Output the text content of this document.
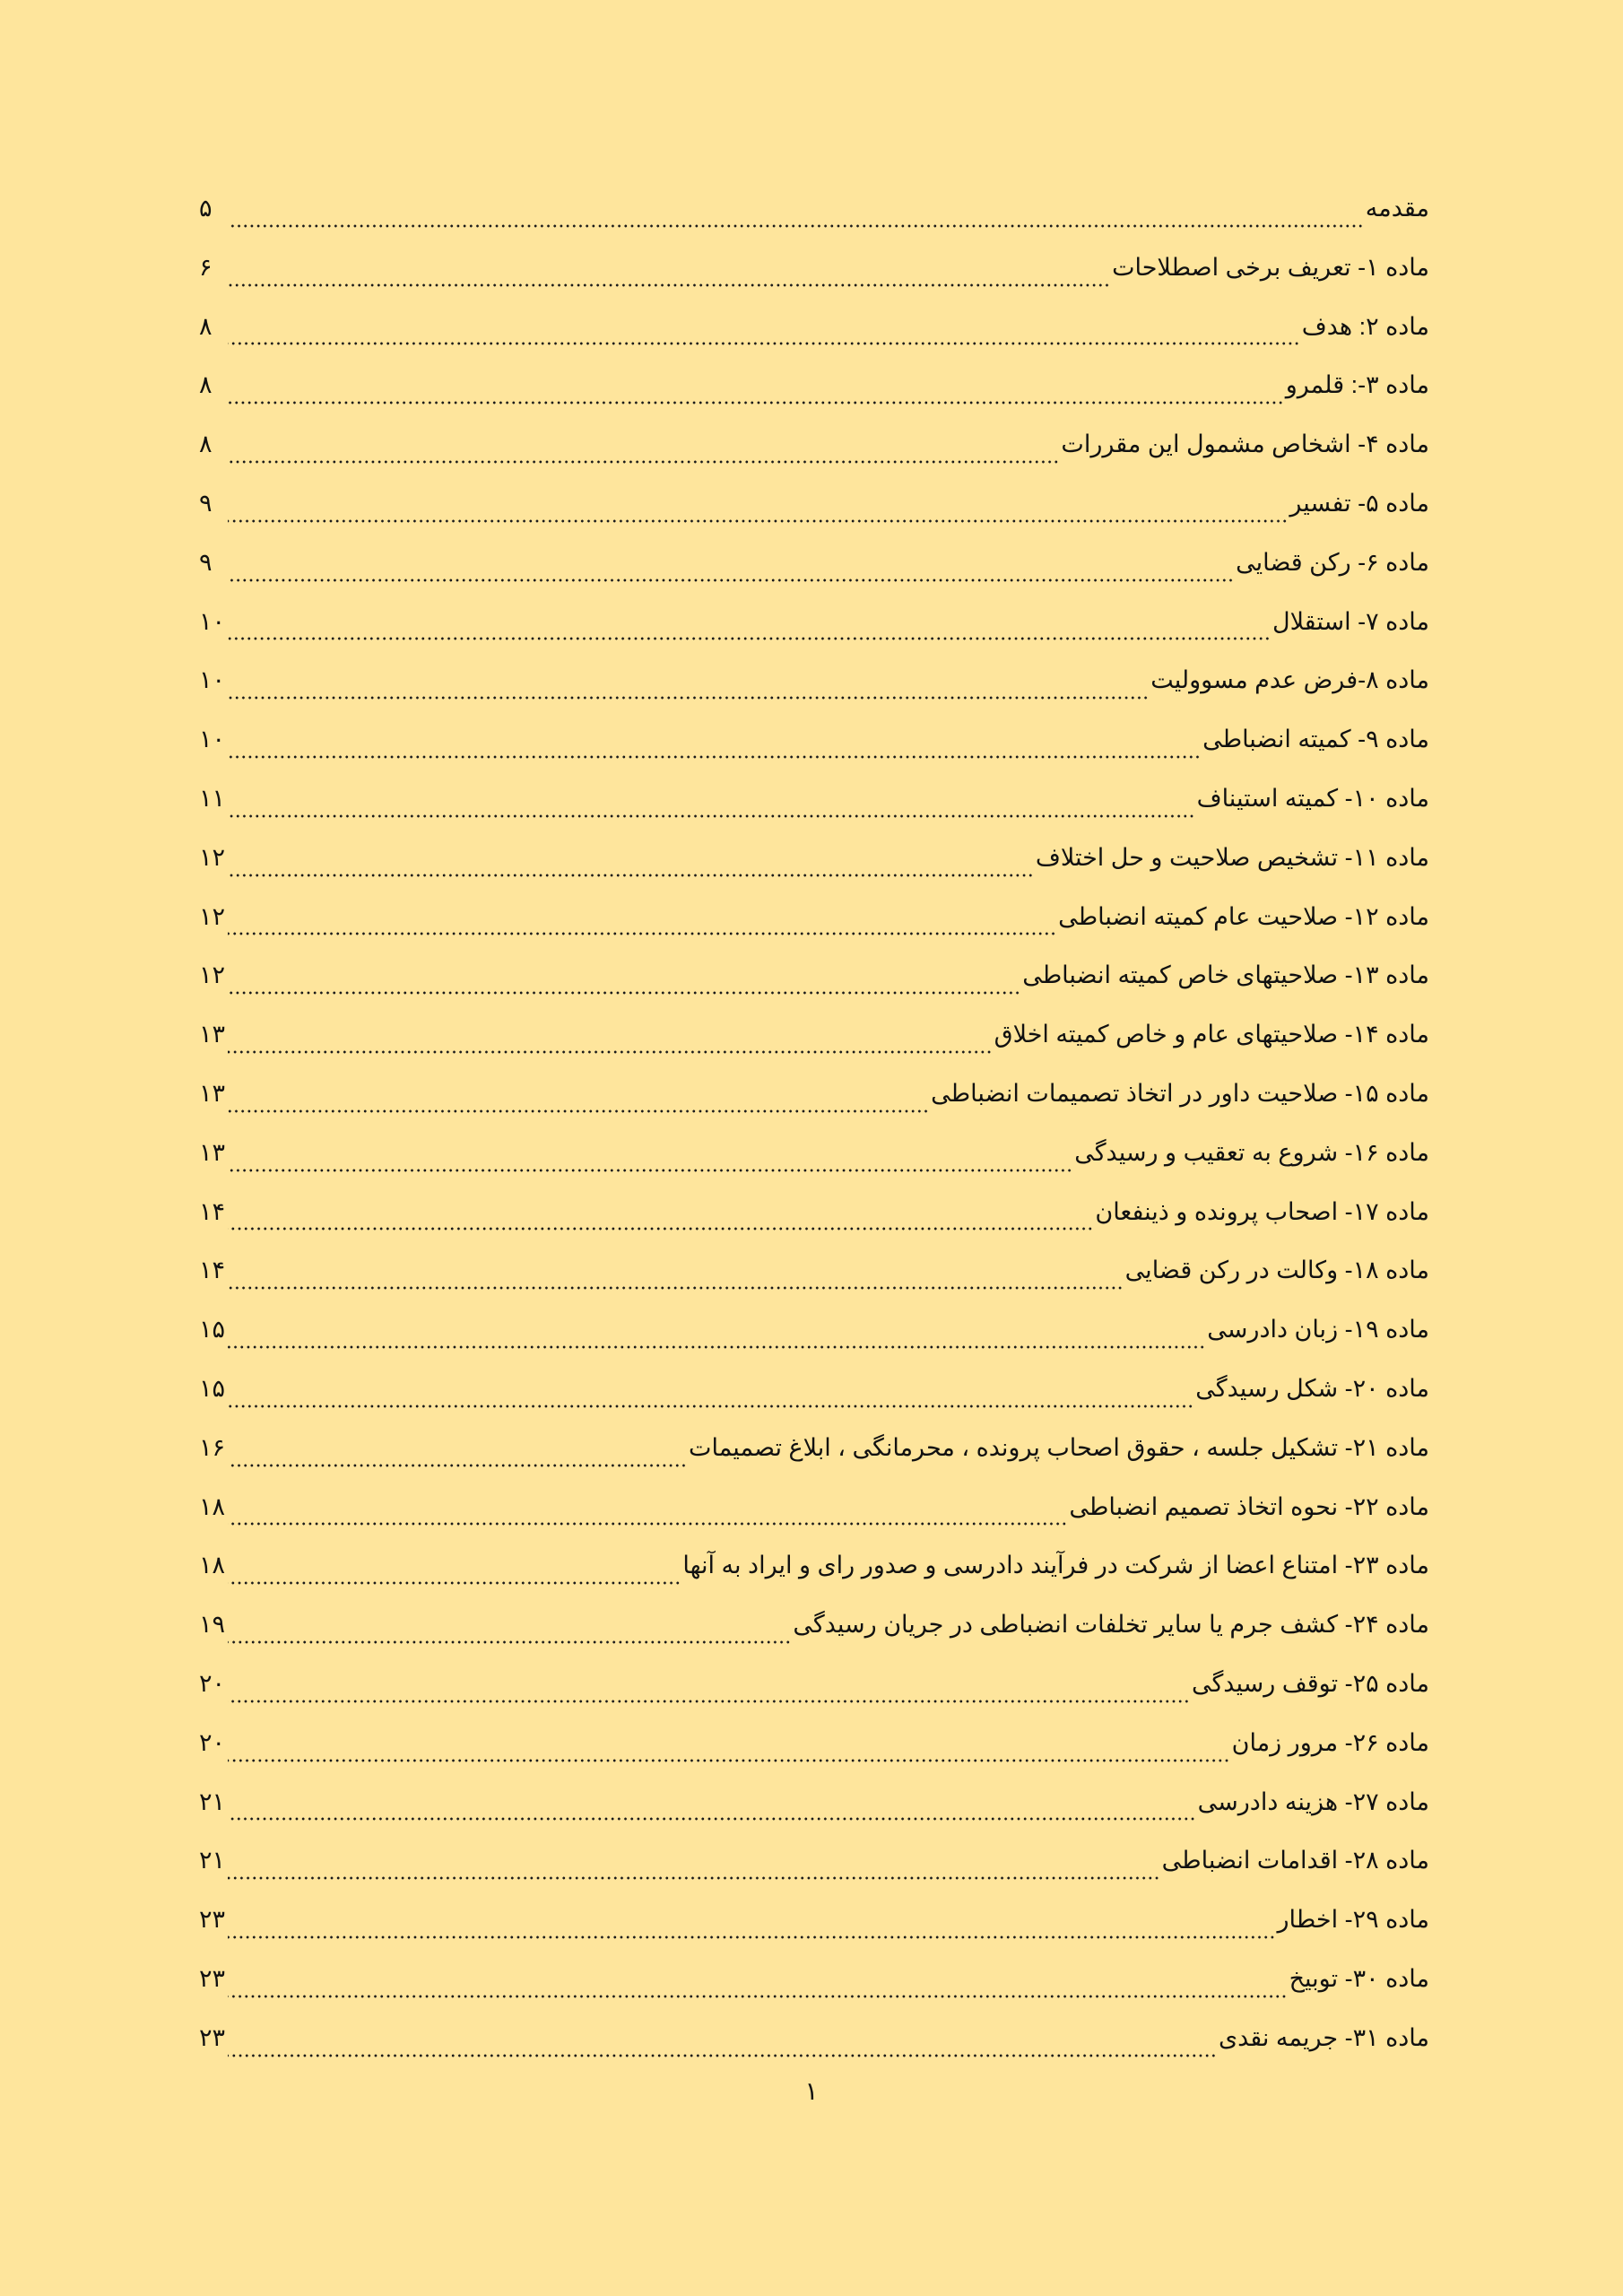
مقدمه
۵
ماده ۱- تعریف برخی اصطلاحات
۶
ماده ۲: هدف
۸
ماده ۳-: قلمرو
۸
ماده ۴- اشخاص مشمول این مقررات
۸
ماده ۵- تفسیر
۹
ماده ۶- رکن قضایی
۹
ماده ۷- استقلال
۱۰
ماده ۸-فرض عدم مسوولیت
۱۰
ماده ۹- کمیته انضباطی
۱۰
ماده ۱۰- کمیته استیناف
۱۱
ماده ۱۱- تشخیص صلاحیت و حل اختلاف
۱۲
ماده ۱۲- صلاحیت عام کمیته انضباطی
۱۲
ماده ۱۳- صلاحیتهای خاص کمیته انضباطی
۱۲
ماده ۱۴- صلاحیتهای عام و خاص کمیته اخلاق
۱۳
ماده ۱۵- صلاحیت داور در اتخاذ تصمیمات انضباطی
۱۳
ماده ۱۶- شروع به تعقیب و رسیدگی
۱۳
ماده ۱۷- اصحاب پرونده و ذینفعان
۱۴
ماده ۱۸- وکالت در رکن قضایی
۱۴
ماده ۱۹- زبان دادرسی
۱۵
ماده ۲۰- شکل رسیدگی
۱۵
ماده ۲۱- تشکیل جلسه ، حقوق اصحاب پرونده ، محرمانگی ، ابلاغ تصمیمات
۱۶
ماده ۲۲- نحوه اتخاذ تصمیم انضباطی
۱۸
ماده ۲۳- امتناع اعضا از شرکت در فرآیند دادرسی و صدور رای و ایراد به آنها
۱۸
ماده ۲۴- کشف جرم یا سایر تخلفات انضباطی در جریان رسیدگی
۱۹
ماده ۲۵- توقف رسیدگی
۲۰
ماده ۲۶- مرور زمان
۲۰
ماده ۲۷- هزینه دادرسی
۲۱
ماده ۲۸- اقدامات انضباطی
۲۱
ماده ۲۹- اخطار
۲۳
ماده ۳۰- توبیخ
۲۳
ماده ۳۱- جریمه نقدی
۲۳
۱
